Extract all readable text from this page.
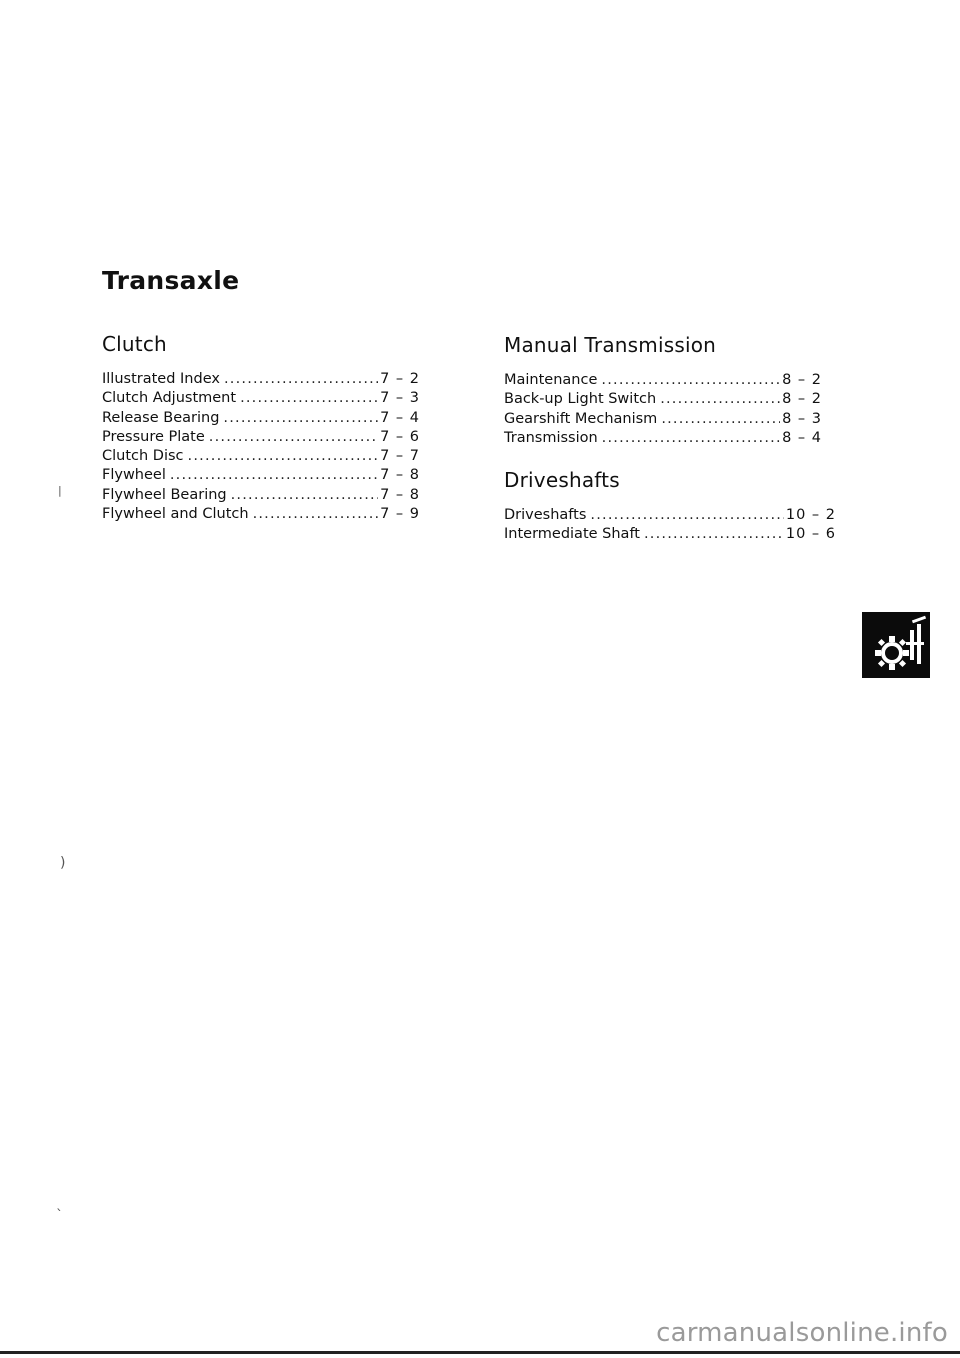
Transaxle
Clutch
Illustrated Index .....	7 – 2
Clutch Adjustment .....	7 – 3
Release Bearing .....	7 – 4
Pressure Plate .....	7 – 6
Clutch Disc .....	7 – 7
Flywheel .....	7 – 8
Flywheel Bearing .....	7 – 8
Flywheel and Clutch .....	7 – 9
Manual Transmission
Maintenance .....	8 – 2
Back-up Light Switch .....	8 – 2
Gearshift Mechanism .....	8 – 3
Transmission .....	8 – 4
Driveshafts
Driveshafts .....	10 – 2
Intermediate Shaft .....	10 – 6
`
)
|
carmanualsonline.info
